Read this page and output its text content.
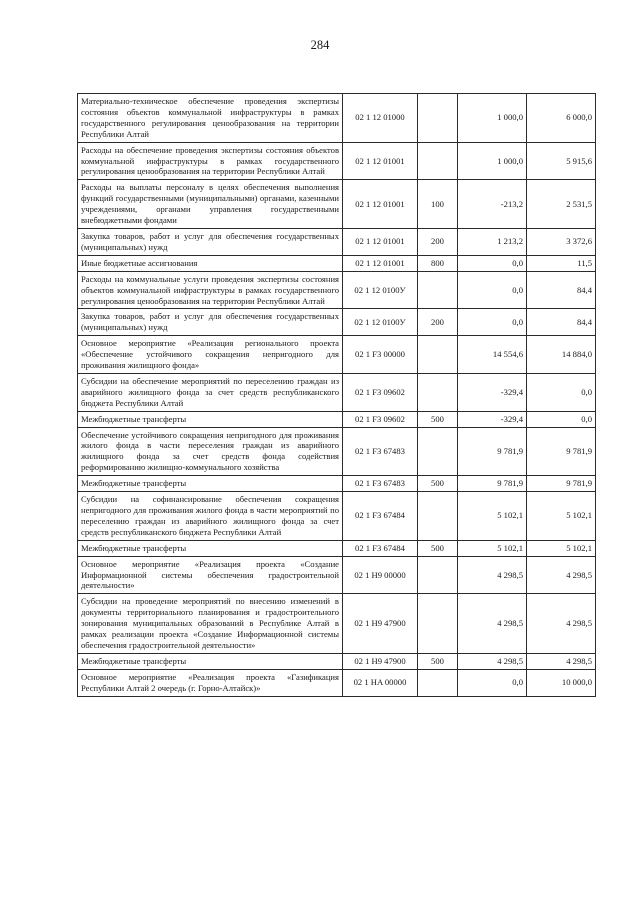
284
Материально-техническое обеспечение проведения экспертизы состояния объектов коммунальной инфраструктуры в рамках государственного регулирования ценообразования на территории Республики Алтай	02 1 12 01000		1 000,0	6 000,0
Расходы на обеспечение проведения экспертизы состояния объектов коммунальной инфраструктуры в рамках государственного регулирования ценообразования на территории Республики Алтай	02 1 12 01001		1 000,0	5 915,6
Расходы на выплаты персоналу в целях обеспечения выполнения функций государственными (муниципальными) органами, казенными учреждениями, органами управления государственными внебюджетными фондами	02 1 12 01001	100	-213,2	2 531,5
Закупка товаров, работ и услуг для обеспечения государственных (муниципальных) нужд	02 1 12 01001	200	1 213,2	3 372,6
Иные бюджетные ассигнования	02 1 12 01001	800	0,0	11,5
Расходы на коммунальные услуги проведения экспертизы состояния объектов коммунальной инфраструктуры в рамках государственного регулирования ценообразования на территории Республики Алтай	02 1 12 0100У		0,0	84,4
Закупка товаров, работ и услуг для обеспечения государственных (муниципальных) нужд	02 1 12 0100У	200	0,0	84,4
Основное мероприятие «Реализация регионального проекта «Обеспечение устойчивого сокращения непригодного для проживания жилищного фонда»	02 1 F3 00000		14 554,6	14 884,0
Субсидии на обеспечение мероприятий по переселению граждан из аварийного жилищного фонда за счет средств республиканского бюджета Республики Алтай	02 1 F3 09602		-329,4	0,0
Межбюджетные трансферты	02 1 F3 09602	500	-329,4	0,0
Обеспечение устойчивого сокращения непригодного для проживания жилого фонда в части переселения граждан из аварийного жилищного фонда за счет средств фонда содействия реформированию жилищно-коммунального хозяйства	02 1 F3 67483		9 781,9	9 781,9
Межбюджетные трансферты	02 1 F3 67483	500	9 781,9	9 781,9
Субсидии на софинансирование обеспечения сокращения непригодного для проживания жилого фонда в части мероприятий по переселению граждан из аварийного жилищного фонда за счет средств республиканского бюджета Республики Алтай	02 1 F3 67484		5 102,1	5 102,1
Межбюджетные трансферты	02 1 F3 67484	500	5 102,1	5 102,1
Основное мероприятие «Реализация проекта «Создание Информационной системы обеспечения градостроительной деятельности»	02 1 H9 00000		4 298,5	4 298,5
Субсидии на проведение мероприятий по внесению изменений в документы территориального планирования и градостроительного зонирования муниципальных образований в Республике Алтай в рамках реализации проекта «Создание Информационной системы обеспечения градостроительной деятельности»	02 1 H9 47900		4 298,5	4 298,5
Межбюджетные трансферты	02 1 H9 47900	500	4 298,5	4 298,5
Основное мероприятие «Реализация проекта «Газификация Республики Алтай 2 очередь (г. Горно-Алтайск)»	02 1 HA 00000		0,0	10 000,0
